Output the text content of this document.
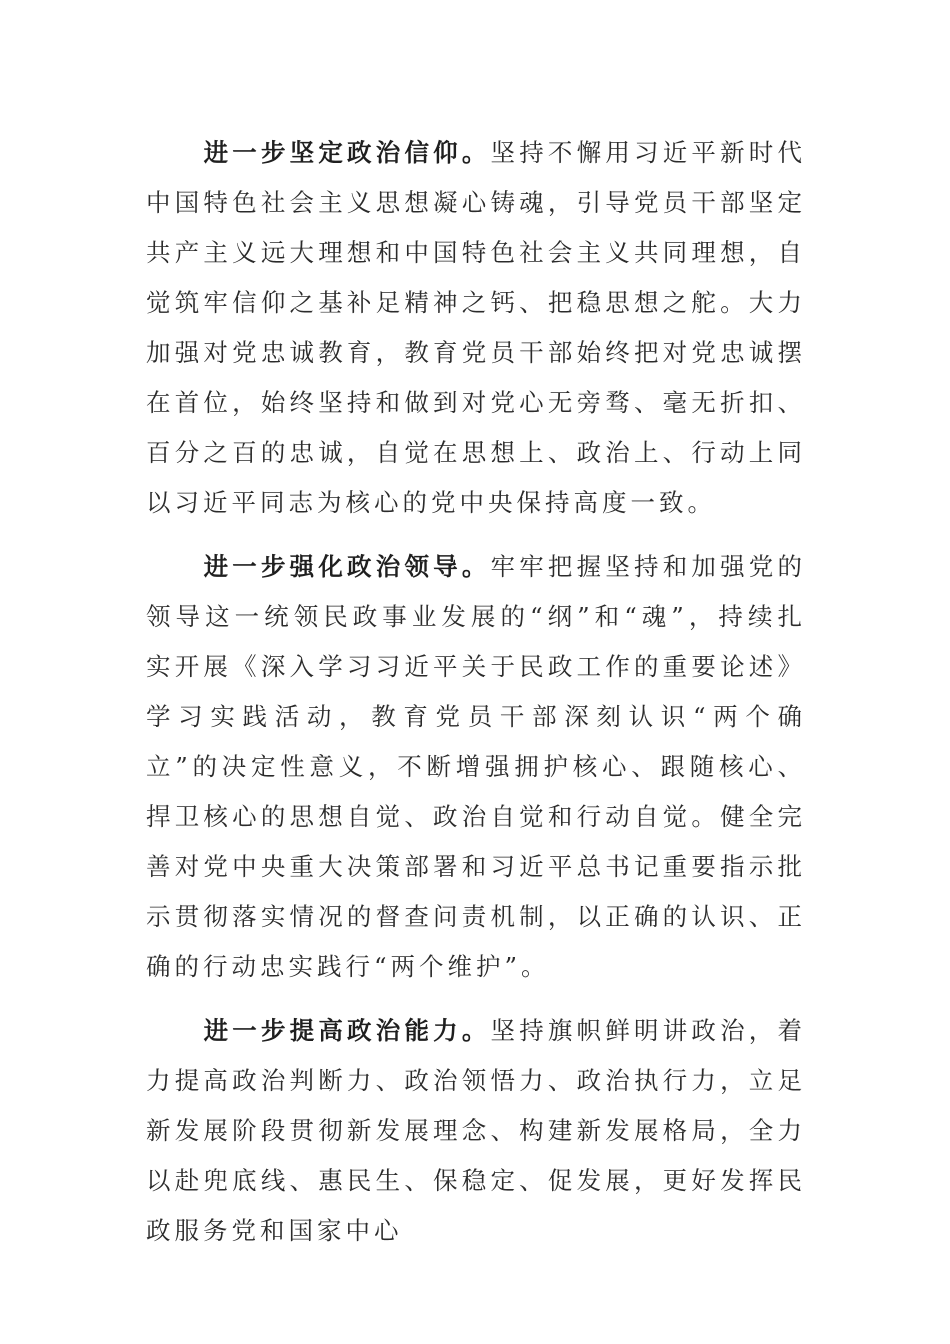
进一步坚定政治信仰。坚持不懈用习近平新时代中国特色社会主义思想凝心铸魂，引导党员干部坚定共产主义远大理想和中国特色社会主义共同理想，自觉筑牢信仰之基补足精神之钙、把稳思想之舵。大力加强对党忠诚教育，教育党员干部始终把对党忠诚摆在首位，始终坚持和做到对党心无旁骛、毫无折扣、百分之百的忠诚，自觉在思想上、政治上、行动上同以习近平同志为核心的党中央保持高度一致。

进一步强化政治领导。牢牢把握坚持和加强党的领导这一统领民政事业发展的“纲”和“魂”，持续扎实开展《深入学习习近平关于民政工作的重要论述》学习实践活动，教育党员干部深刻认识“两个确立”的决定性意义，不断增强拥护核心、跟随核心、捍卫核心的思想自觉、政治自觉和行动自觉。健全完善对党中央重大决策部署和习近平总书记重要指示批示贯彻落实情况的督查问责机制，以正确的认识、正确的行动忠实践行“两个维护”。

进一步提高政治能力。坚持旗帜鲜明讲政治，着力提高政治判断力、政治领悟力、政治执行力，立足新发展阶段贯彻新发展理念、构建新发展格局，全力以赴兜底线、惠民生、保稳定、促发展，更好发挥民政服务党和国家中心
